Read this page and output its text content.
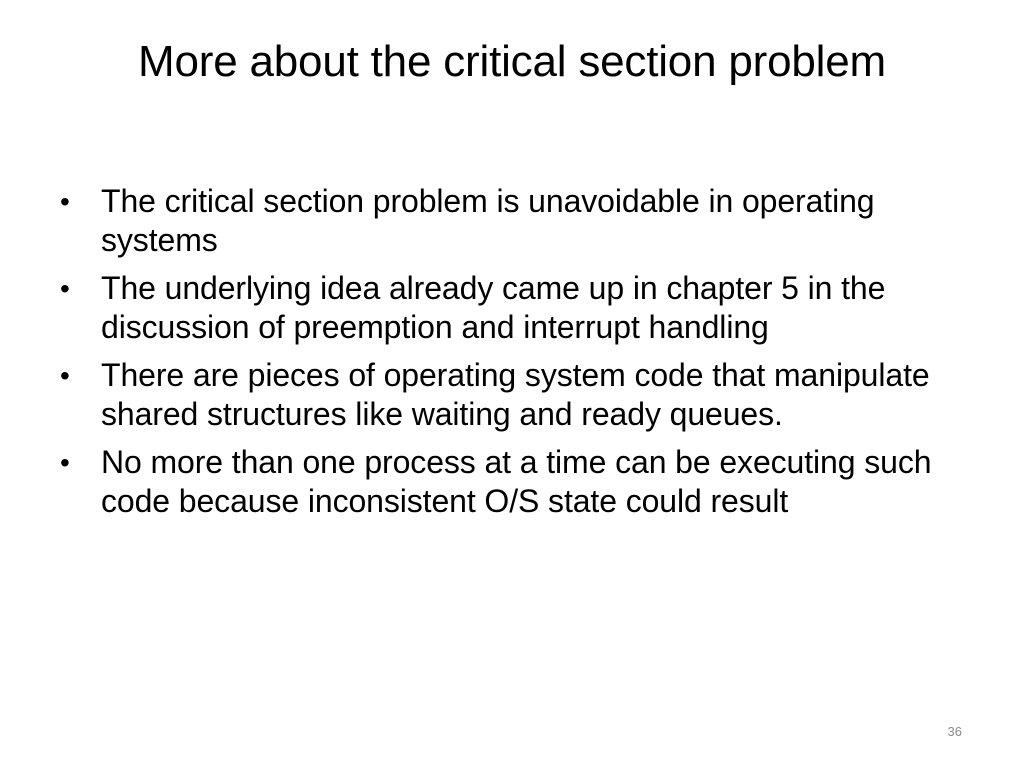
More about the critical section problem
• The critical section problem is unavoidable in operating systems
• The underlying idea already came up in chapter 5 in the discussion of preemption and interrupt handling
• There are pieces of operating system code that manipulate shared structures like waiting and ready queues.
• No more than one process at a time can be executing such code because inconsistent O/S state could result
36
